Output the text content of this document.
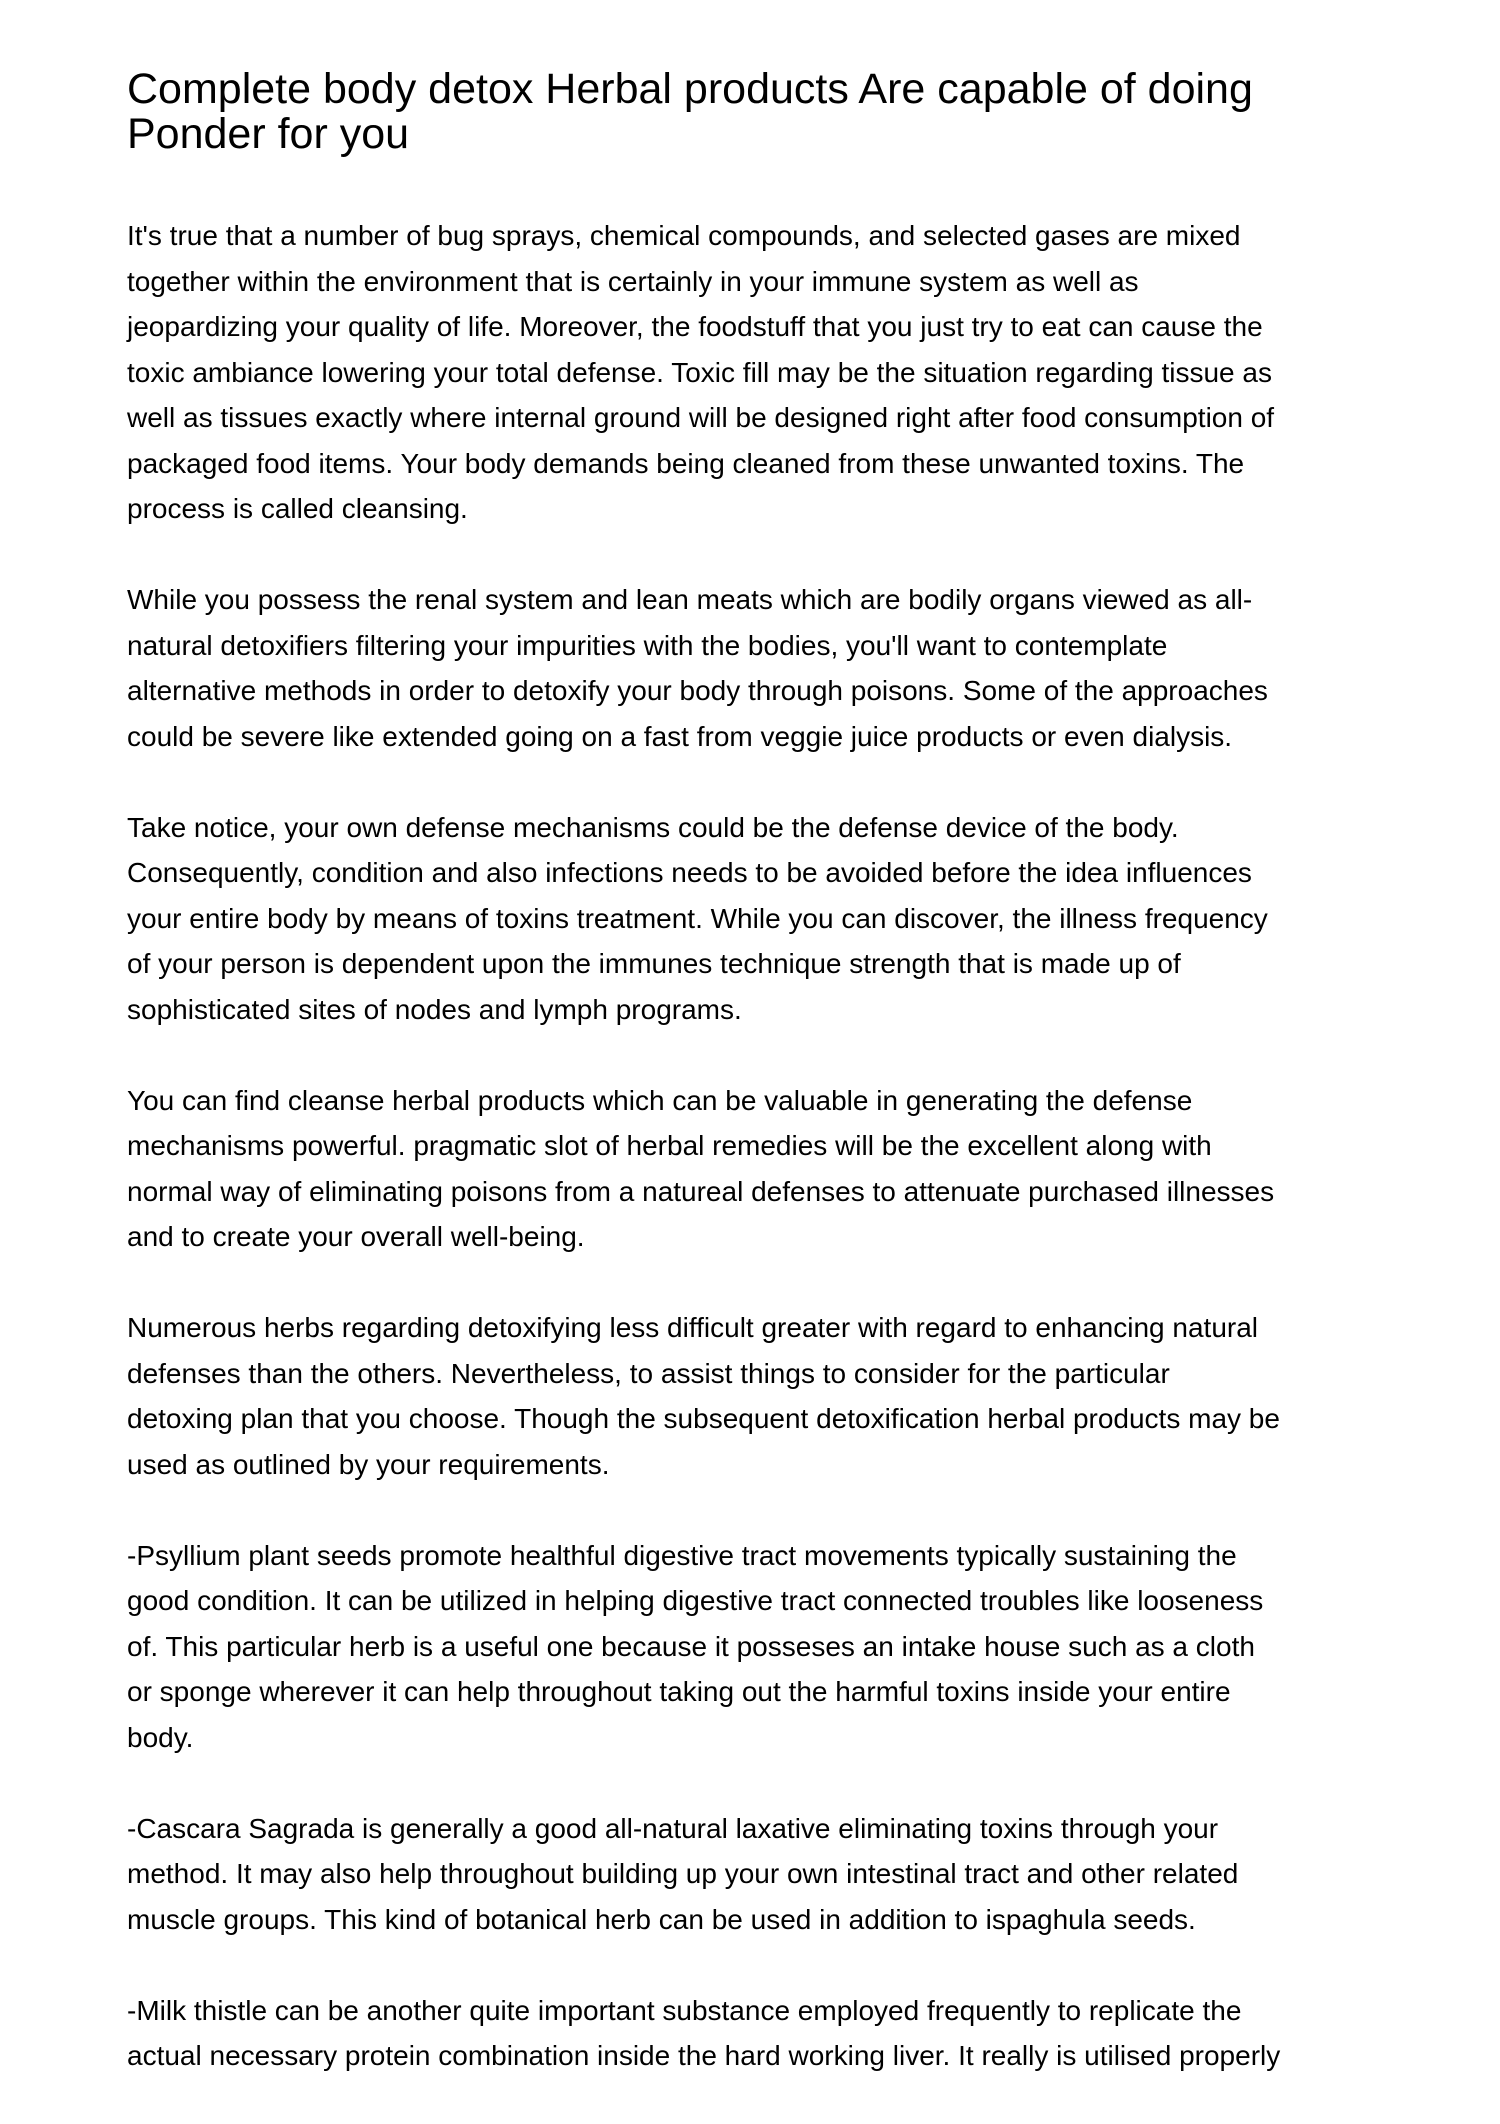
Complete body detox Herbal products Are capable of doing
Ponder for you

It's true that a number of bug sprays, chemical compounds, and selected gases are mixed
together within the environment that is certainly in your immune system as well as
jeopardizing your quality of life. Moreover, the foodstuff that you just try to eat can cause the
toxic ambiance lowering your total defense. Toxic fill may be the situation regarding tissue as
well as tissues exactly where internal ground will be designed right after food consumption of
packaged food items. Your body demands being cleaned from these unwanted toxins. The
process is called cleansing.

While you possess the renal system and lean meats which are bodily organs viewed as all-
natural detoxifiers filtering your impurities with the bodies, you'll want to contemplate
alternative methods in order to detoxify your body through poisons. Some of the approaches
could be severe like extended going on a fast from veggie juice products or even dialysis.

Take notice, your own defense mechanisms could be the defense device of the body.
Consequently, condition and also infections needs to be avoided before the idea influences
your entire body by means of toxins treatment. While you can discover, the illness frequency
of your person is dependent upon the immunes technique strength that is made up of
sophisticated sites of nodes and lymph programs.

You can find cleanse herbal products which can be valuable in generating the defense
mechanisms powerful. pragmatic slot of herbal remedies will be the excellent along with
normal way of eliminating poisons from a natureal defenses to attenuate purchased illnesses
and to create your overall well-being.

Numerous herbs regarding detoxifying less difficult greater with regard to enhancing natural
defenses than the others. Nevertheless, to assist things to consider for the particular
detoxing plan that you choose. Though the subsequent detoxification herbal products may be
used as outlined by your requirements.

-Psyllium plant seeds promote healthful digestive tract movements typically sustaining the
good condition. It can be utilized in helping digestive tract connected troubles like looseness
of. This particular herb is a useful one because it posseses an intake house such as a cloth
or sponge wherever it can help throughout taking out the harmful toxins inside your entire
body.

-Cascara Sagrada is generally a good all-natural laxative eliminating toxins through your
method. It may also help throughout building up your own intestinal tract and other related
muscle groups. This kind of botanical herb can be used in addition to ispaghula seeds.

-Milk thistle can be another quite important substance employed frequently to replicate the
actual necessary protein combination inside the hard working liver. It really is utilised properly
